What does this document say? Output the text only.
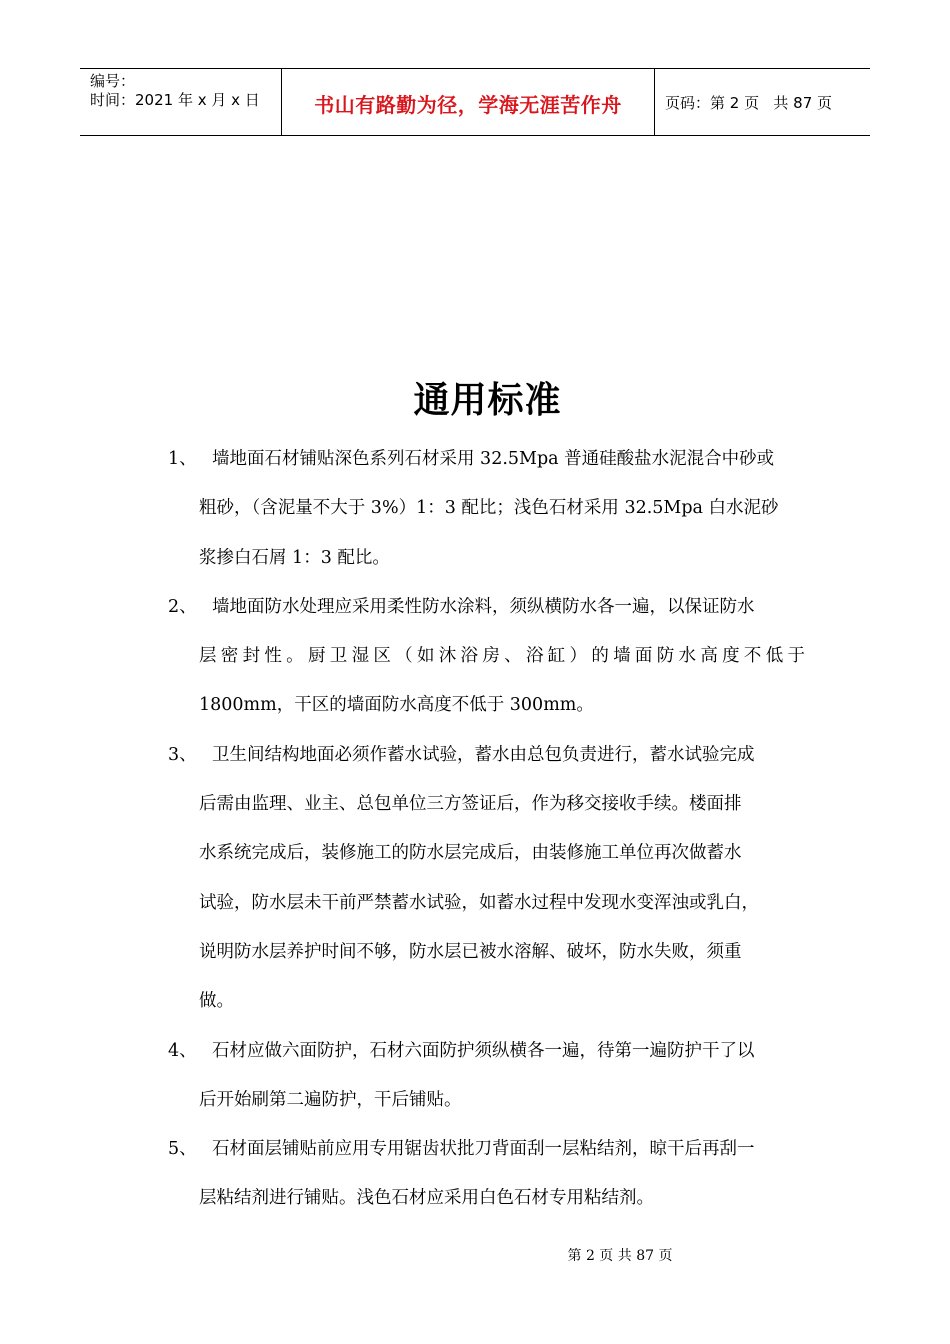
编号：
时间：2021 年 x 月 x 日	书山有路勤为径，学海无涯苦作舟	页码：第 2 页   共 87 页
通用标准
1、 墙地面石材铺贴深色系列石材采用 32.5Mpa 普通硅酸盐水泥混合中砂或
粗砂，（含泥量不大于 3%）1：3 配比；浅色石材采用 32.5Mpa 白水泥砂
浆掺白石屑 1：3 配比。
2、 墙地面防水处理应采用柔性防水涂料，须纵横防水各一遍，以保证防水
层密封性。厨卫湿区（如沐浴房、浴缸）的墙面防水高度不低于
1800mm，干区的墙面防水高度不低于 300mm。
3、 卫生间结构地面必须作蓄水试验，蓄水由总包负责进行，蓄水试验完成
后需由监理、业主、总包单位三方签证后，作为移交接收手续。楼面排
水系统完成后，装修施工的防水层完成后，由装修施工单位再次做蓄水
试验，防水层未干前严禁蓄水试验，如蓄水过程中发现水变浑浊或乳白，
说明防水层养护时间不够，防水层已被水溶解、破坏，防水失败，须重
做。
4、 石材应做六面防护，石材六面防护须纵横各一遍，待第一遍防护干了以
后开始刷第二遍防护，干后铺贴。
5、 石材面层铺贴前应用专用锯齿状批刀背面刮一层粘结剂，晾干后再刮一
层粘结剂进行铺贴。浅色石材应采用白色石材专用粘结剂。
第 2 页 共 87 页
